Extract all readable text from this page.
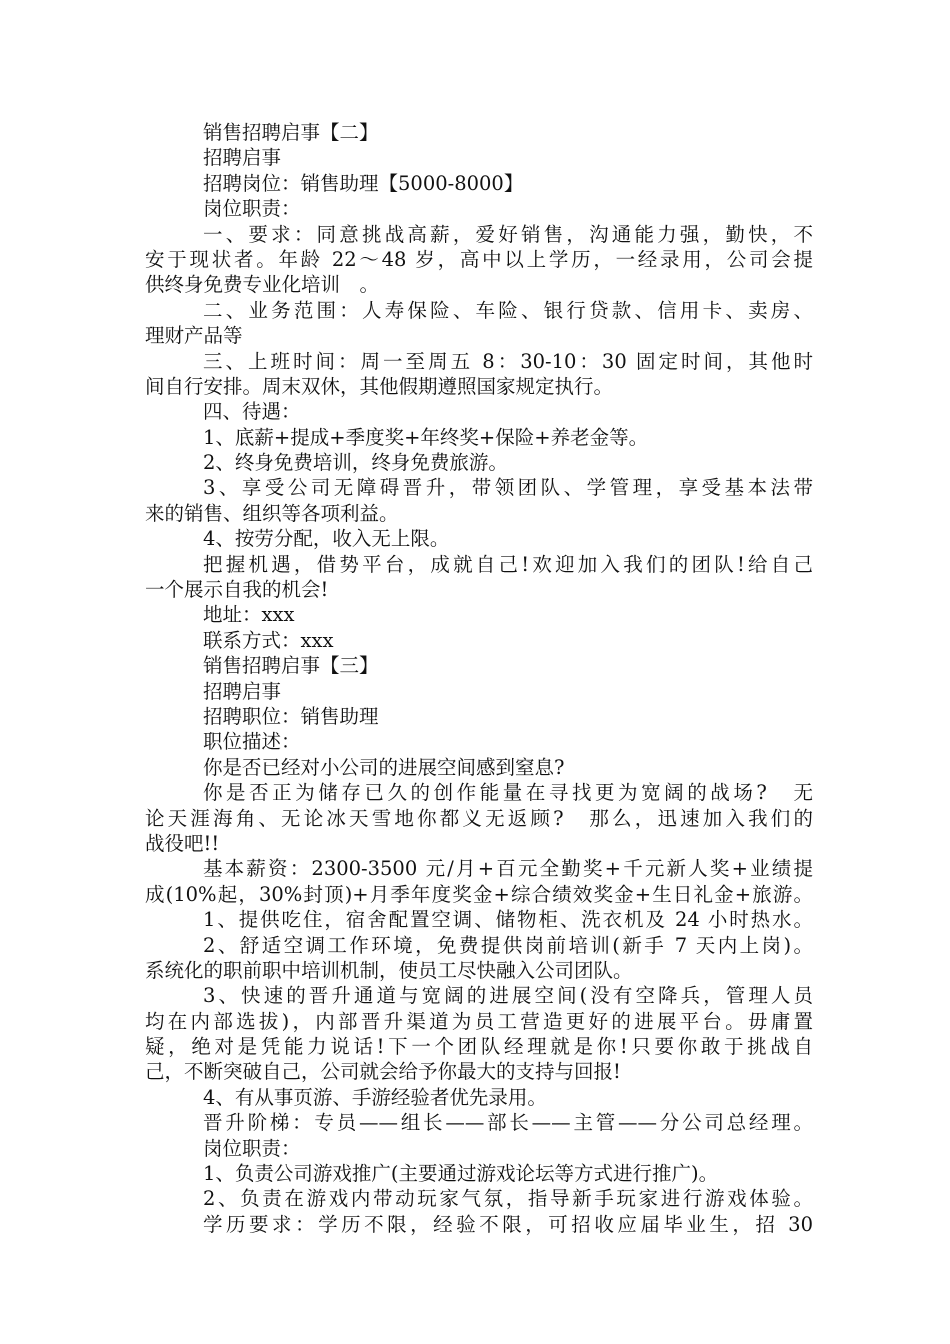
销售招聘启事【二】
招聘启事
招聘岗位：销售助理【5000-8000】
岗位职责：
一、要求：同意挑战高薪，爱好销售，沟通能力强，勤快，不
安于现状者。年龄 22～48 岁，高中以上学历，一经录用，公司会提
供终身免费专业化培训　。
二、业务范围：人寿保险、车险、银行贷款、信用卡、卖房、
理财产品等
三、上班时间：周一至周五 8：30-10：30 固定时间，其他时
间自行安排。周末双休，其他假期遵照国家规定执行。
四、待遇：
1、底薪+提成+季度奖+年终奖+保险+养老金等。
2、终身免费培训，终身免费旅游。
3、享受公司无障碍晋升，带领团队、学管理，享受基本法带
来的销售、组织等各项利益。
4、按劳分配，收入无上限。
把握机遇，借势平台，成就自己!欢迎加入我们的团队!给自己
一个展示自我的机会!
地址：xxx
联系方式：xxx
销售招聘启事【三】
招聘启事
招聘职位：销售助理
职位描述：
你是否已经对小公司的进展空间感到窒息?
你是否正为储存已久的创作能量在寻找更为宽阔的战场?　无
论天涯海角、无论冰天雪地你都义无返顾?　那么，迅速加入我们的
战役吧!!
基本薪资：2300-3500 元/月+百元全勤奖+千元新人奖+业绩提
成(10%起，30%封顶)+月季年度奖金+综合绩效奖金+生日礼金+旅游。
1、提供吃住，宿舍配置空调、储物柜、洗衣机及 24 小时热水。
2、舒适空调工作环境，免费提供岗前培训(新手 7 天内上岗)。
系统化的职前职中培训机制，使员工尽快融入公司团队。
3、快速的晋升通道与宽阔的进展空间(没有空降兵，管理人员
均在内部选拔)，内部晋升渠道为员工营造更好的进展平台。毋庸置
疑，绝对是凭能力说话!下一个团队经理就是你!只要你敢于挑战自
己，不断突破自己，公司就会给予你最大的支持与回报!
4、有从事页游、手游经验者优先录用。
晋升阶梯：专员——组长——部长——主管——分公司总经理。
岗位职责：
1、负责公司游戏推广(主要通过游戏论坛等方式进行推广)。
2、负责在游戏内带动玩家气氛，指导新手玩家进行游戏体验。
学历要求：学历不限，经验不限，可招收应届毕业生，招 30
